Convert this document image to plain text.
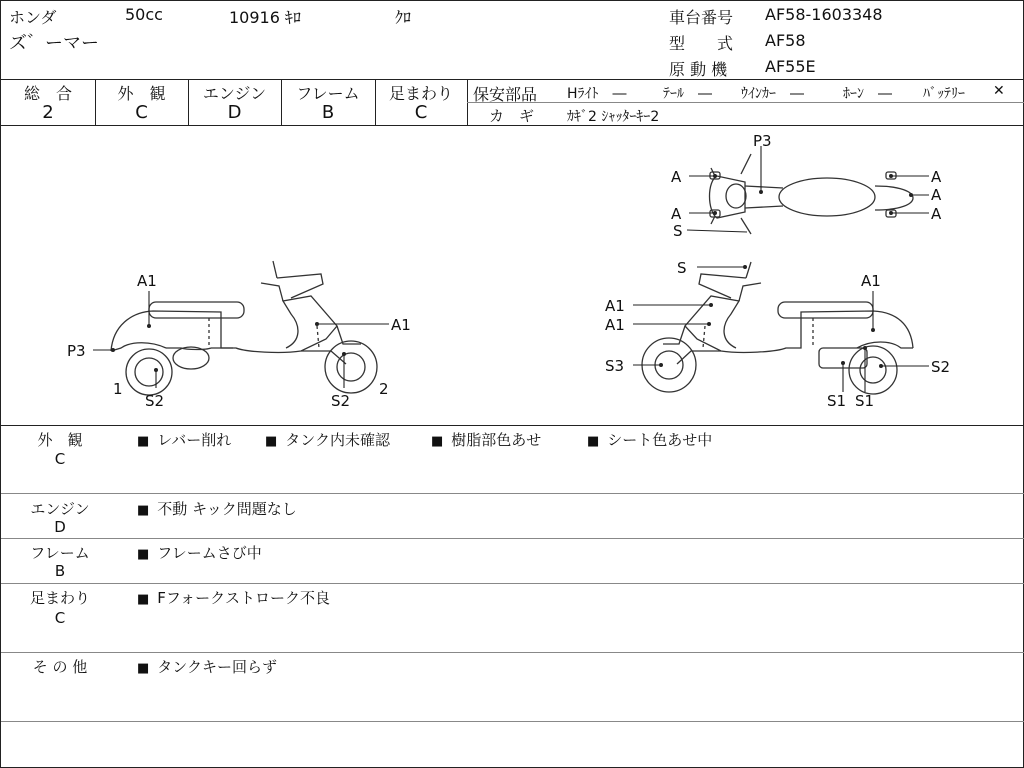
ホンダ	50cc	10916 ｷﾛ	ｸﾛ
ズ゛ーマー
車台番号 AF58-1603348
型　　式 AF58
原 動 機 AF55E
総　合
2
外　観
C
エンジン
D
フレーム
B
足まわり
C
保安部品 Hﾗｲﾄ　―	ﾃｰﾙ　― ｳｲﾝｶｰ　―	ﾎｰﾝ　― ﾊﾞｯﾃﾘｰ ✕
カ　ギ ｶｷﾞ2 ｼｬｯﾀｰｷｰ2
A1
A1
P3
1
S2	S2
2
S
A1
A1
A1
S3	S2
S1 S1
P3
A
A
A
A
A
S
外　観
C
■ レバー削れ	■ タンク内未確認	■ 樹脂部色あせ	■ シート色あせ中
エンジン
D
■ 不動 キック問題なし
フレーム
B
■ フレームさび中
足まわり
C
■ Fフォークストローク不良
そ の 他	■ タンクキー回らず
